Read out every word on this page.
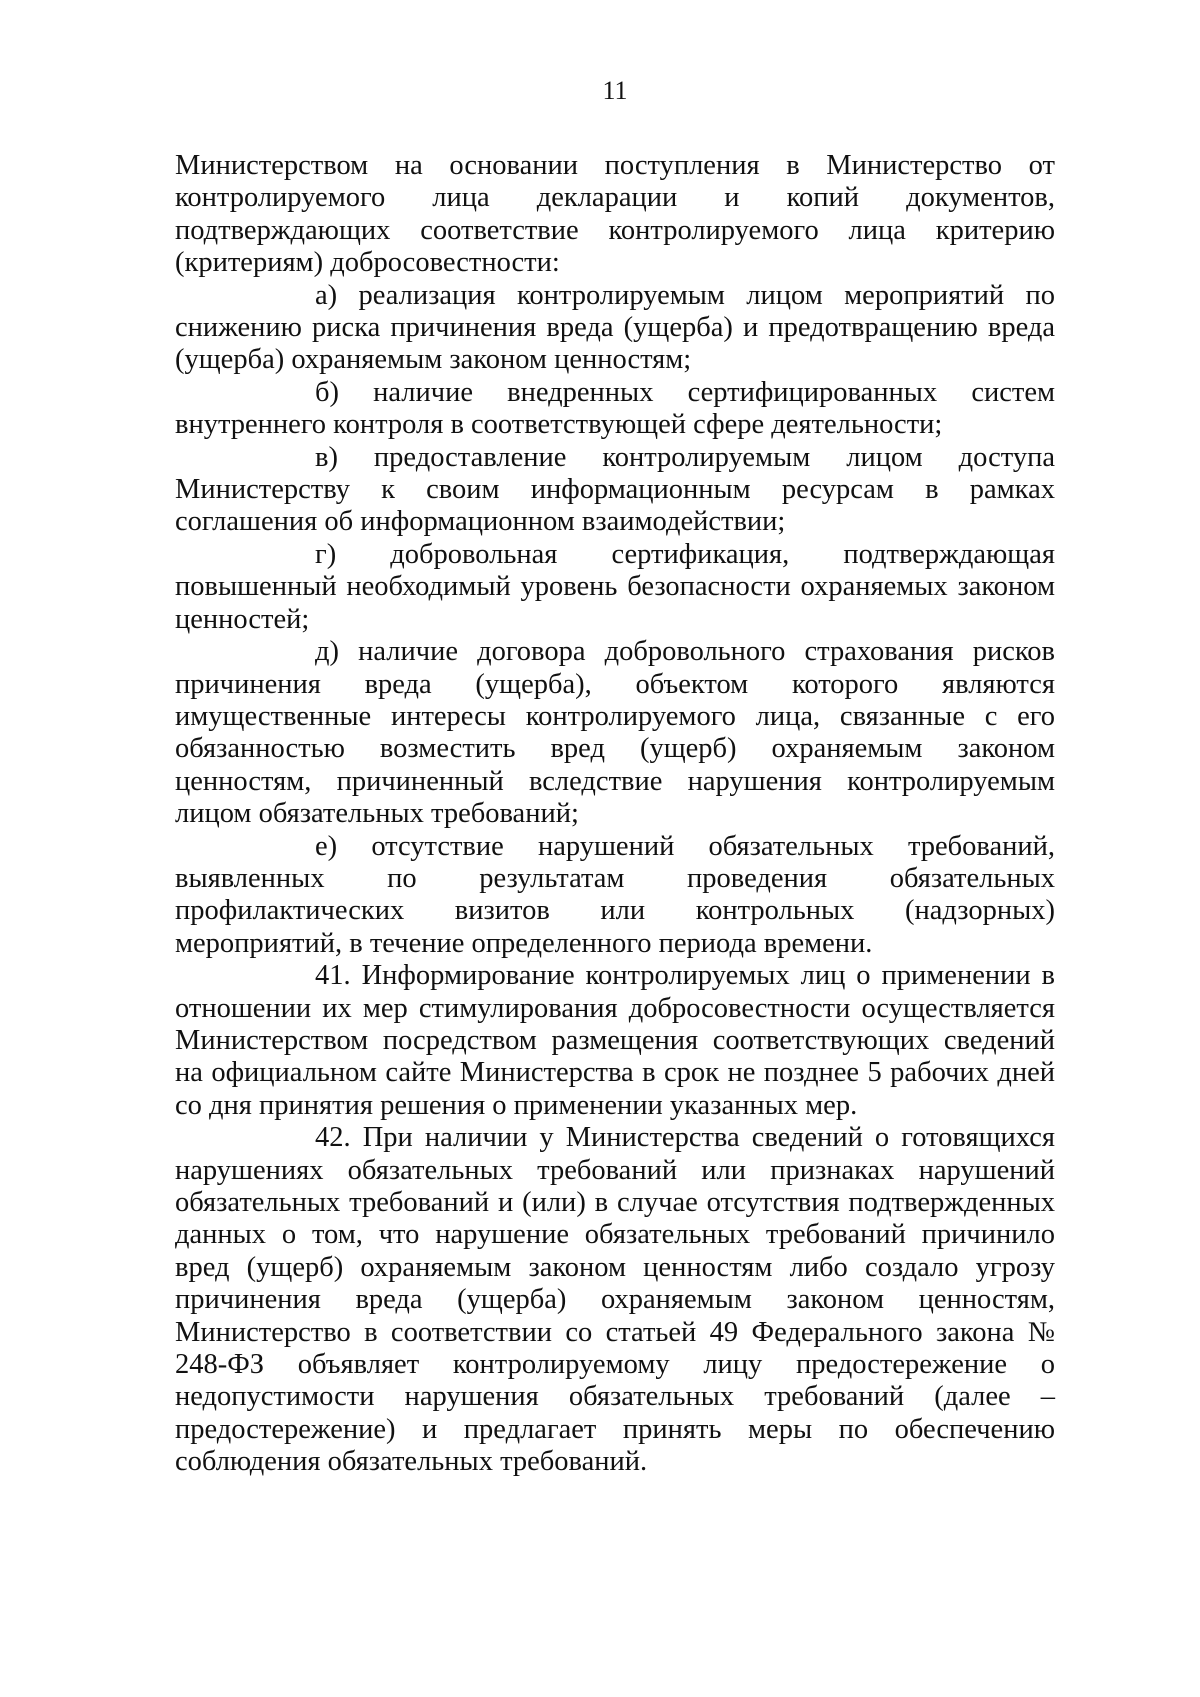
11

Министерством на основании поступления в Министерство от контролируемого лица декларации и копий документов, подтверждающих соответствие контролируемого лица критерию (критериям) добросовестности:

а) реализация контролируемым лицом мероприятий по снижению риска причинения вреда (ущерба) и предотвращению вреда (ущерба) охраняемым законом ценностям;

б) наличие внедренных сертифицированных систем внутреннего контроля в соответствующей сфере деятельности;

в) предоставление контролируемым лицом доступа Министерству к своим информационным ресурсам в рамках соглашения об информационном взаимодействии;

г) добровольная сертификация, подтверждающая повышенный необходимый уровень безопасности охраняемых законом ценностей;

д) наличие договора добровольного страхования рисков причинения вреда (ущерба), объектом которого являются имущественные интересы контролируемого лица, связанные с его обязанностью возместить вред (ущерб) охраняемым законом ценностям, причиненный вследствие нарушения контролируемым лицом обязательных требований;

е) отсутствие нарушений обязательных требований, выявленных по результатам проведения обязательных профилактических визитов или контрольных (надзорных) мероприятий, в течение определенного периода времени.

41. Информирование контролируемых лиц о применении в отношении их мер стимулирования добросовестности осуществляется Министерством посредством размещения соответствующих сведений на официальном сайте Министерства в срок не позднее 5 рабочих дней со дня принятия решения о применении указанных мер.

42. При наличии у Министерства сведений о готовящихся нарушениях обязательных требований или признаках нарушений обязательных требований и (или) в случае отсутствия подтвержденных данных о том, что нарушение обязательных требований причинило вред (ущерб) охраняемым законом ценностям либо создало угрозу причинения вреда (ущерба) охраняемым законом ценностям, Министерство в соответствии со статьей 49 Федерального закона № 248-ФЗ объявляет контролируемому лицу предостережение о недопустимости нарушения обязательных требований (далее – предостережение) и предлагает принять меры по обеспечению соблюдения обязательных требований.
